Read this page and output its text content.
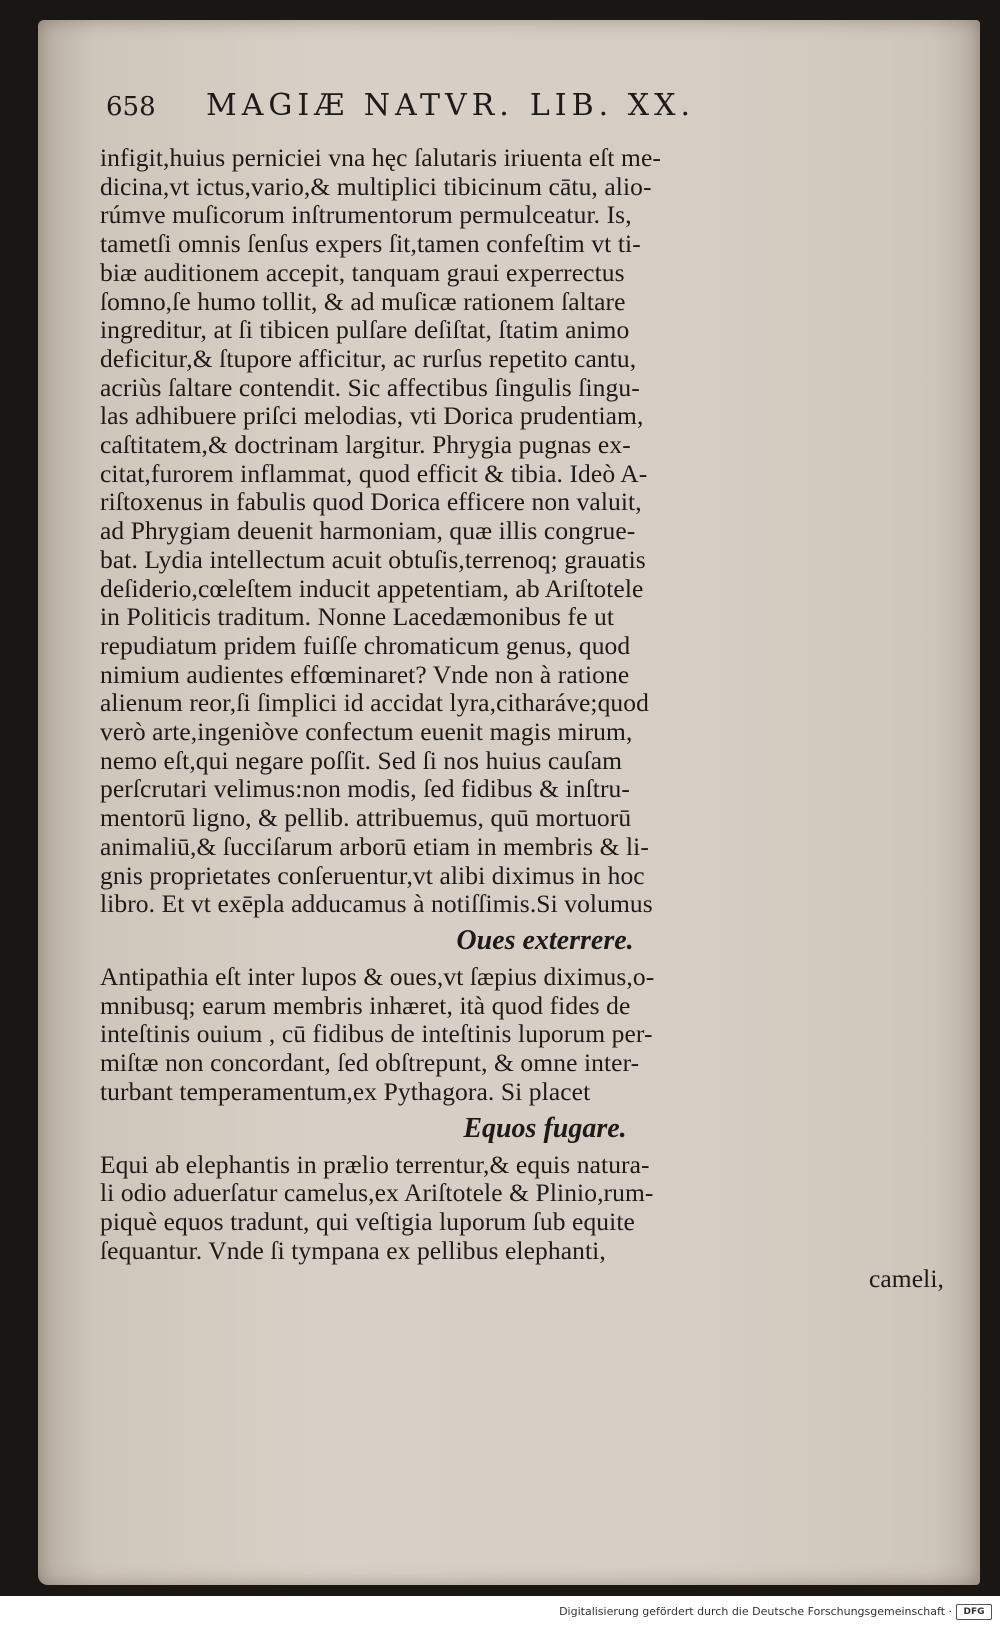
658	MAGIÆ NATVR. LIB. XX.
infigit,huius perniciei vna hęc ſalutaris iriuenta eſt me-
dicina,vt ictus,vario,& multiplici tibicinum cātu, alio-
rúmve muſicorum inſtrumentorum permulceatur. Is,
tametſi omnis ſenſus expers ſit,tamen confeſtim vt ti-
biæ auditionem accepit, tanquam graui experrectus
ſomno,ſe humo tollit, & ad muſicæ rationem ſaltare
ingreditur, at ſi tibicen pulſare deſiſtat, ſtatim animo
deficitur,& ſtupore afficitur, ac rurſus repetito cantu,
acriùs ſaltare contendit. Sic affectibus ſingulis ſingu-
las adhibuere priſci melodias, vti Dorica prudentiam,
caſtitatem,& doctrinam largitur. Phrygia pugnas ex-
citat,furorem inflammat, quod efficit & tibia. Ideò A-
riſtoxenus in fabulis quod Dorica efficere non valuit,
ad Phrygiam deuenit harmoniam, quæ illis congrue-
bat. Lydia intellectum acuit obtuſis,terrenoq; grauatis
deſiderio,cœleſtem inducit appetentiam, ab Ariſtotele
in Politicis traditum. Nonne Lacedæmonibus fe ut
repudiatum pridem fuiſſe chromaticum genus, quod
nimium audientes effœminaret? Vnde non à ratione
alienum reor,ſi ſimplici id accidat lyra,citharáve;quod
verò arte,ingeniòve confectum euenit magis mirum,
nemo eſt,qui negare poſſit. Sed ſi nos huius cauſam
perſcrutari velimus:non modis, ſed fidibus & inſtru-
mentorū ligno, & pellib. attribuemus, quū mortuorū
animaliū,& ſucciſarum arborū etiam in membris & li-
gnis proprietates conſeruentur,vt alibi diximus in hoc
libro. Et vt exēpla adducamus à notiſſimis.Si volumus
Oues exterrere.
Antipathia eſt inter lupos & oues,vt ſæpius diximus,o-
mnibusq; earum membris inhæret, ità quod fides de
inteſtinis ouium , cū fidibus de inteſtinis luporum per-
miſtæ non concordant, ſed obſtrepunt, & omne inter-
turbant temperamentum,ex Pythagora. Si placet
Equos fugare.
Equi ab elephantis in prælio terrentur,& equis natura-
li odio aduerſatur camelus,ex Ariſtotele & Plinio,rum-
piquè equos tradunt, qui veſtigia luporum ſub equite
ſequantur. Vnde ſi tympana ex pellibus elephanti,
cameli,
Digitalisierung gefördert durch die Deutsche Forschungsgemeinschaft ·	DFG
